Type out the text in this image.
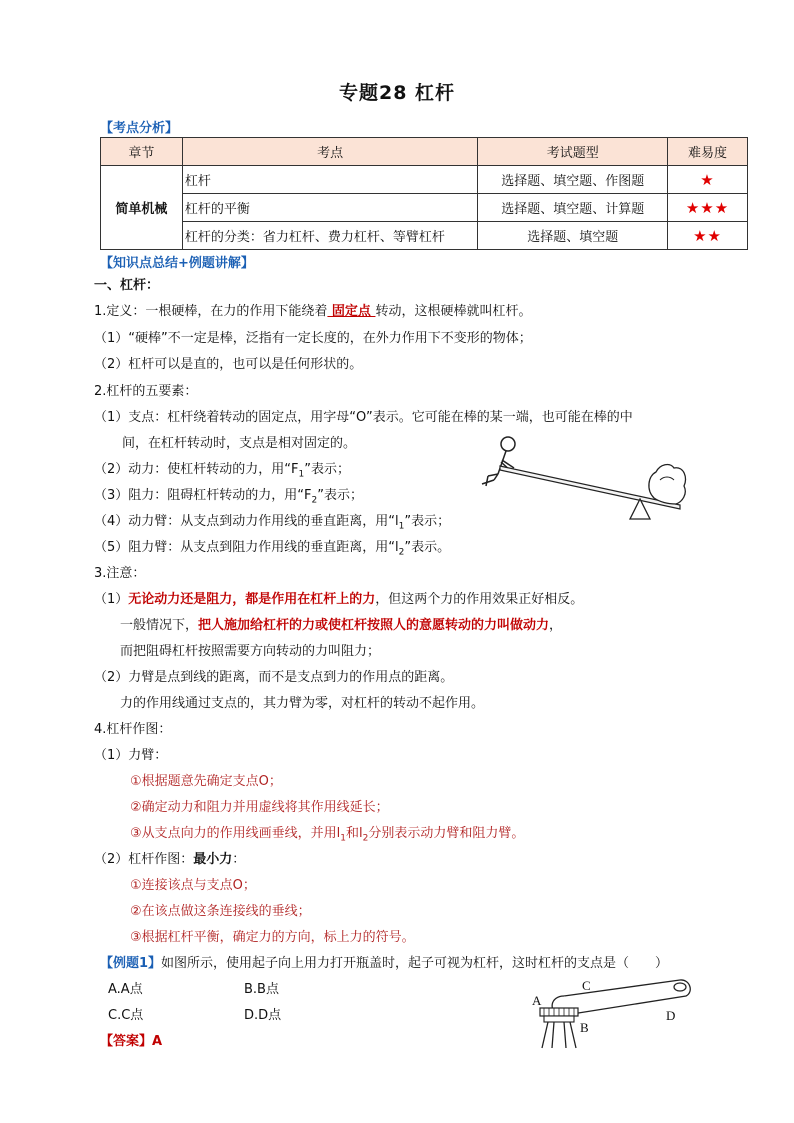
专题28 杠杆
【考点分析】
章节	考点	考试题型	难易度
简单机械	杠杆	选择题、填空题、作图题	★
	杠杆的平衡	选择题、填空题、计算题	★★★
	杠杆的分类：省力杠杆、费力杠杆、等臂杠杆	选择题、填空题	★★
【知识点总结+例题讲解】
一、杠杆：
1.定义：一根硬棒，在力的作用下能绕着 固定点 转动，这根硬棒就叫杠杆。
（1）“硬棒”不一定是棒，泛指有一定长度的，在外力作用下不变形的物体；
（2）杠杆可以是直的，也可以是任何形状的。
2.杠杆的五要素：
（1）支点：杠杆绕着转动的固定点，用字母“O”表示。它可能在棒的某一端，也可能在棒的中
间，在杠杆转动时，支点是相对固定的。
（2）动力：使杠杆转动的力，用“$F_1$”表示；
（3）阻力：阻碍杠杆转动的力，用“$F_2$”表示；
（4）动力臂：从支点到动力作用线的垂直距离，用“$l_1$”表示；
（5）阻力臂：从支点到阻力作用线的垂直距离，用“$l_2$”表示。
3.注意：
（1）无论动力还是阻力，都是作用在杠杆上的力，但这两个力的作用效果正好相反。
一般情况下，把人施加给杠杆的力或使杠杆按照人的意愿转动的力叫做动力，
而把阻碍杠杆按照需要方向转动的力叫阻力；
（2）力臂是点到线的距离，而不是支点到力的作用点的距离。
力的作用线通过支点的，其力臂为零，对杠杆的转动不起作用。
4.杠杆作图：
（1）力臂：
①根据题意先确定支点O；
②确定动力和阻力并用虚线将其作用线延长；
③从支点向力的作用线画垂线，并用$l_1$和$l_2$分别表示动力臂和阻力臂。
（2）杠杆作图：最小力：
①连接该点与支点O；
②在该点做这条连接线的垂线；
③根据杠杆平衡，确定力的方向，标上力的符号。
【例题1】如图所示，使用起子向上用力打开瓶盖时，起子可视为杠杆，这时杠杆的支点是（　　）
A.A点	B.B点
C.C点	D.D点
【答案】A
A
B
C
D
